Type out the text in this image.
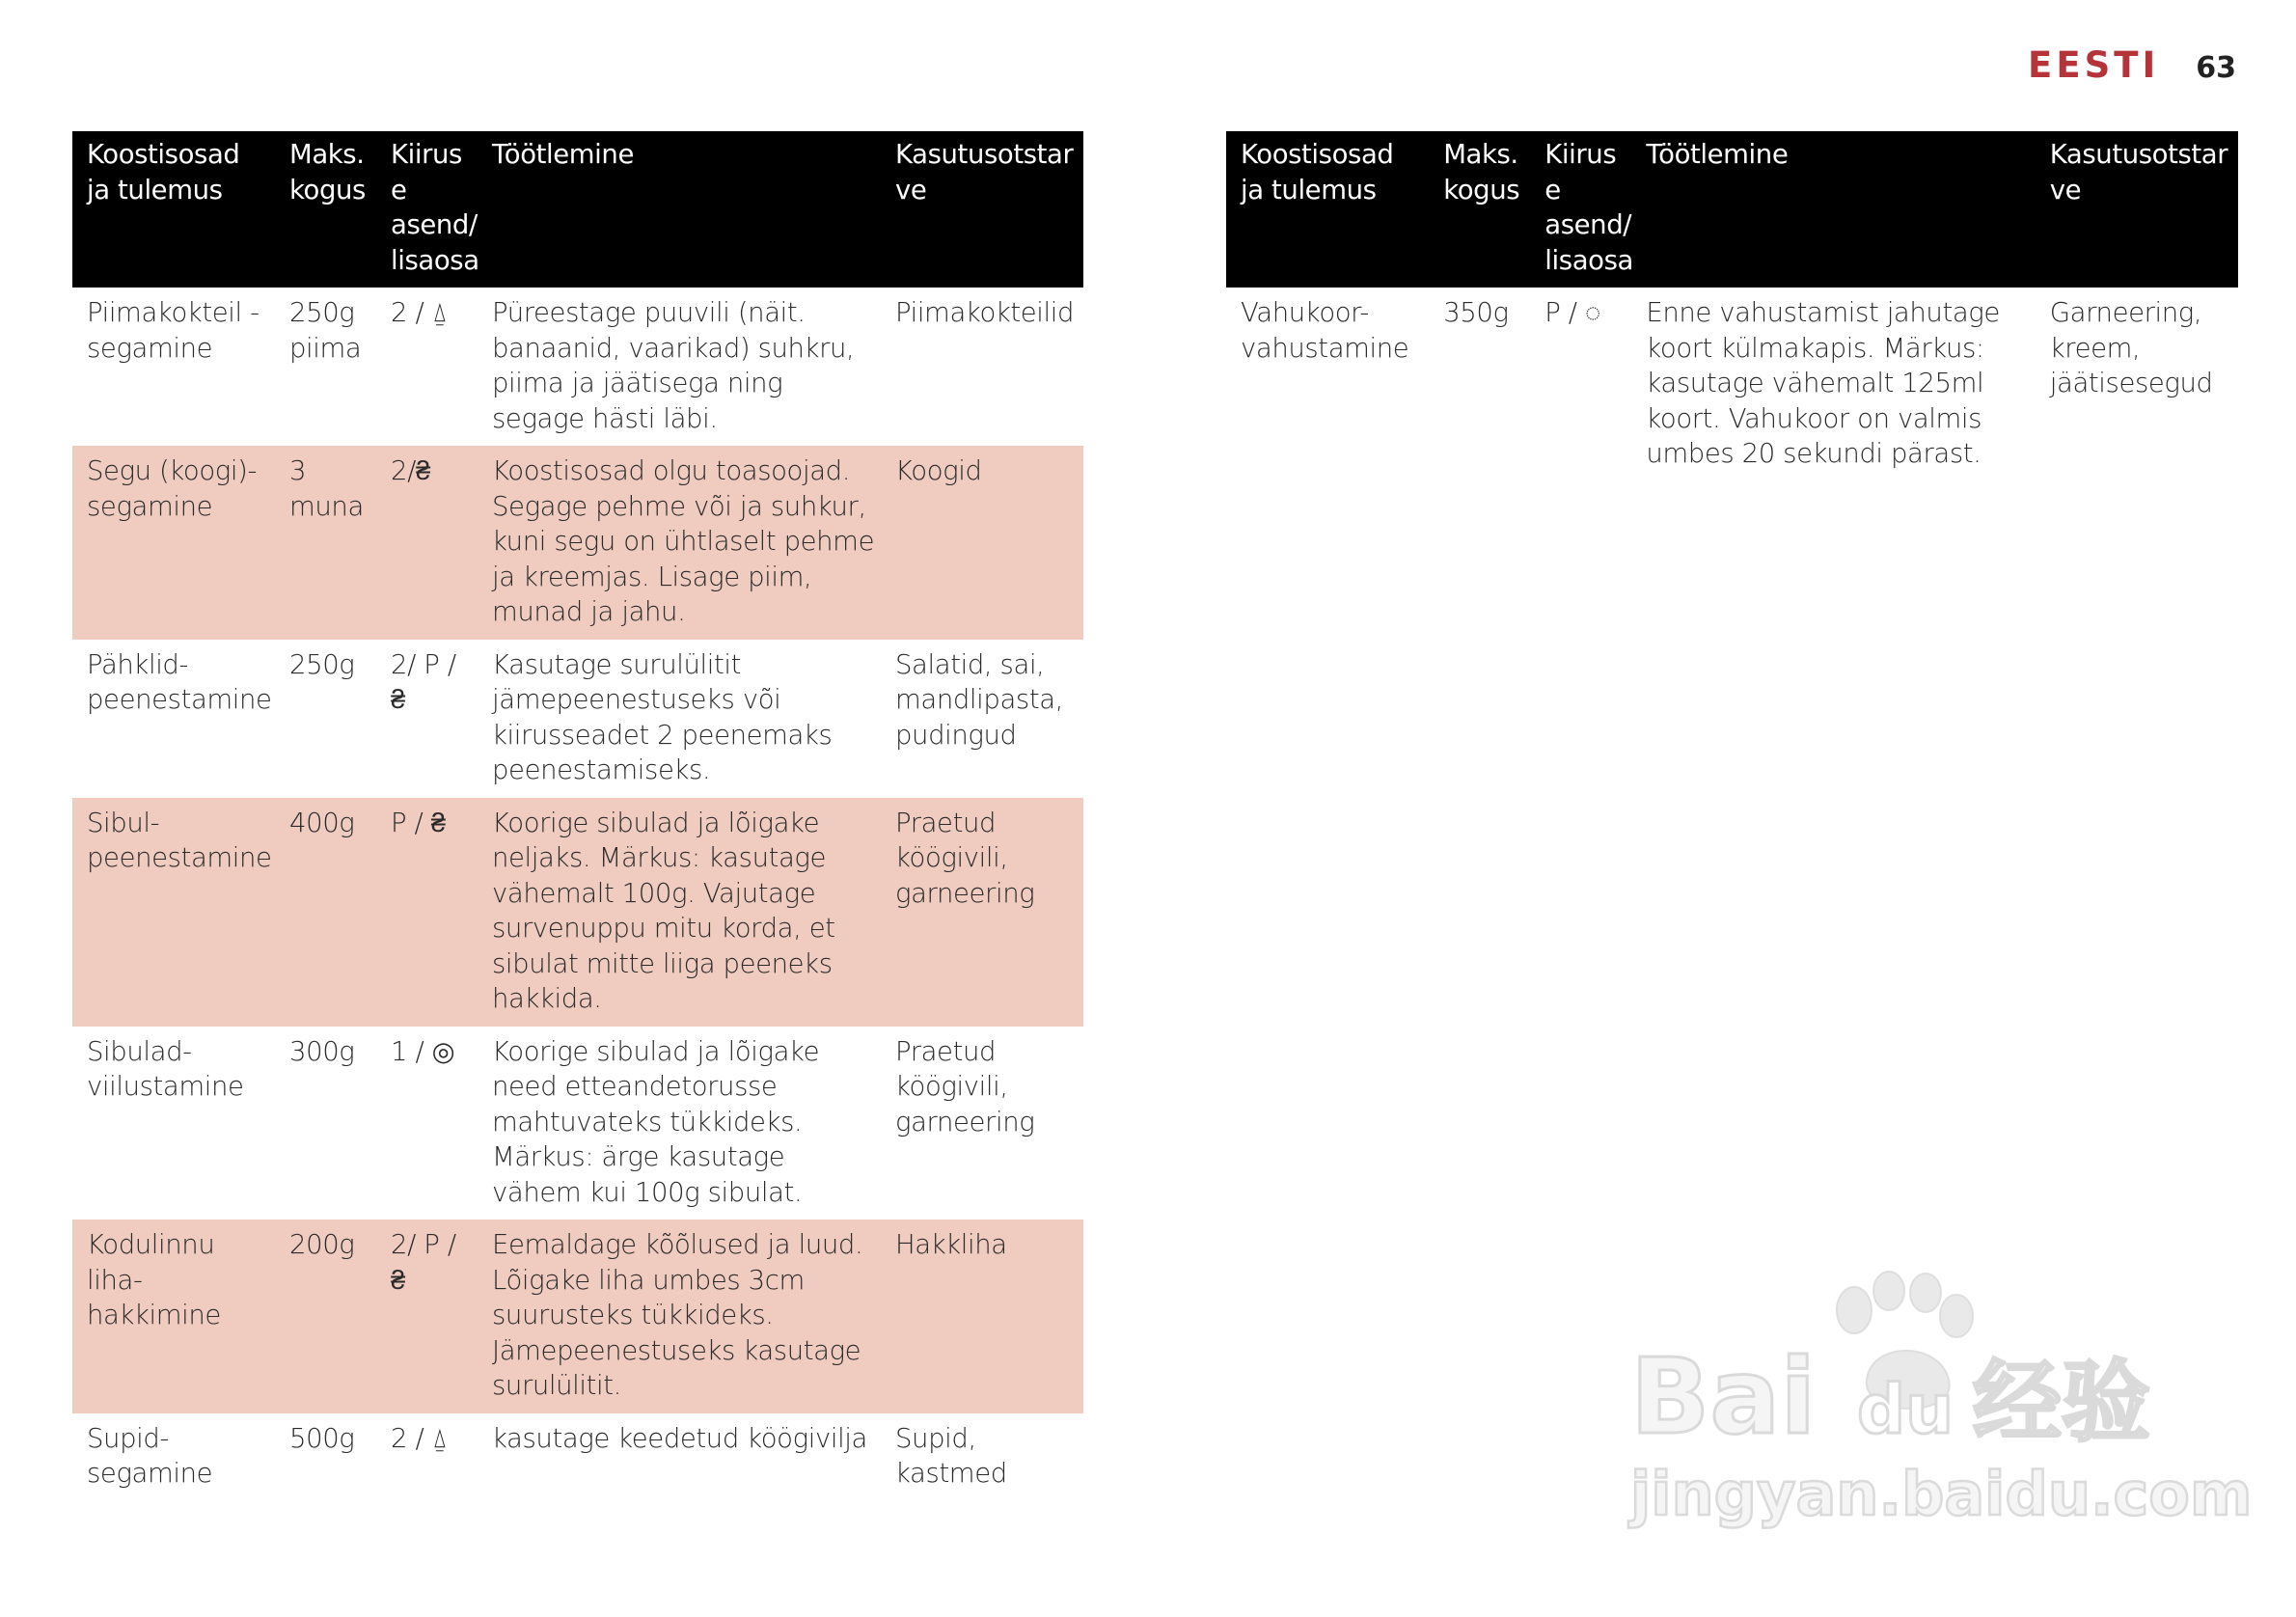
EESTI 63
Koostisosad ja tulemus	Maks. kogus	Kiirus e asend/ lisaosa	Töötlemine	Kasutusotstar ve
Piimakokteil - segamine	250g piima	2 / ⍙	Püreestage puuvili (näit. banaanid, vaarikad) suhkru, piima ja jäätisega ning segage hästi läbi.	Piimakokteilid
Segu (koogi)-segamine	3 muna	2/₴	Koostisosad olgu toasoojad. Segage pehme või ja suhkur, kuni segu on ühtlaselt pehme ja kreemjas. Lisage piim, munad ja jahu.	Koogid
Pähklid-peenestamine	250g	2/ P / ₴	Kasutage surulülitit jämepeenestuseks või kiirusseadet 2 peenemaks peenestamiseks.	Salatid, sai, mandlipasta, pudingud
Sibul-peenestamine	400g	P / ₴	Koorige sibulad ja lõigake neljaks. Märkus: kasutage vähemalt 100g. Vajutage survenuppu mitu korda, et sibulat mitte liiga peeneks hakkida.	Praetud köögivili, garneering
Sibulad-viilustamine	300g	1 / ◎	Koorige sibulad ja lõigake need etteandetorusse mahtuvateks tükkideks. Märkus: ärge kasutage vähem kui 100g sibulat.	Praetud köögivili, garneering
Kodulinnu liha-hakkimine	200g	2/ P / ₴	Eemaldage kõõlused ja luud. Lõigake liha umbes 3cm suurusteks tükkideks. Jämepeenestuseks kasutage surulülitit.	Hakkliha
Supid-segamine	500g	2 / ⍙	kasutage keedetud köögivilja	Supid, kastmed
Koostisosad ja tulemus	Maks. kogus	Kiirus e asend/ lisaosa	Töötlemine	Kasutusotstar ve
Vahukoor-vahustamine	350g	P / ◌	Enne vahustamist jahutage koort külmakapis. Märkus: kasutage vähemalt 125ml koort. Vahukoor on valmis umbes 20 sekundi pärast.	Garneering, kreem, jäätisesegud
Bai du 经验
jingyan.baidu.com
